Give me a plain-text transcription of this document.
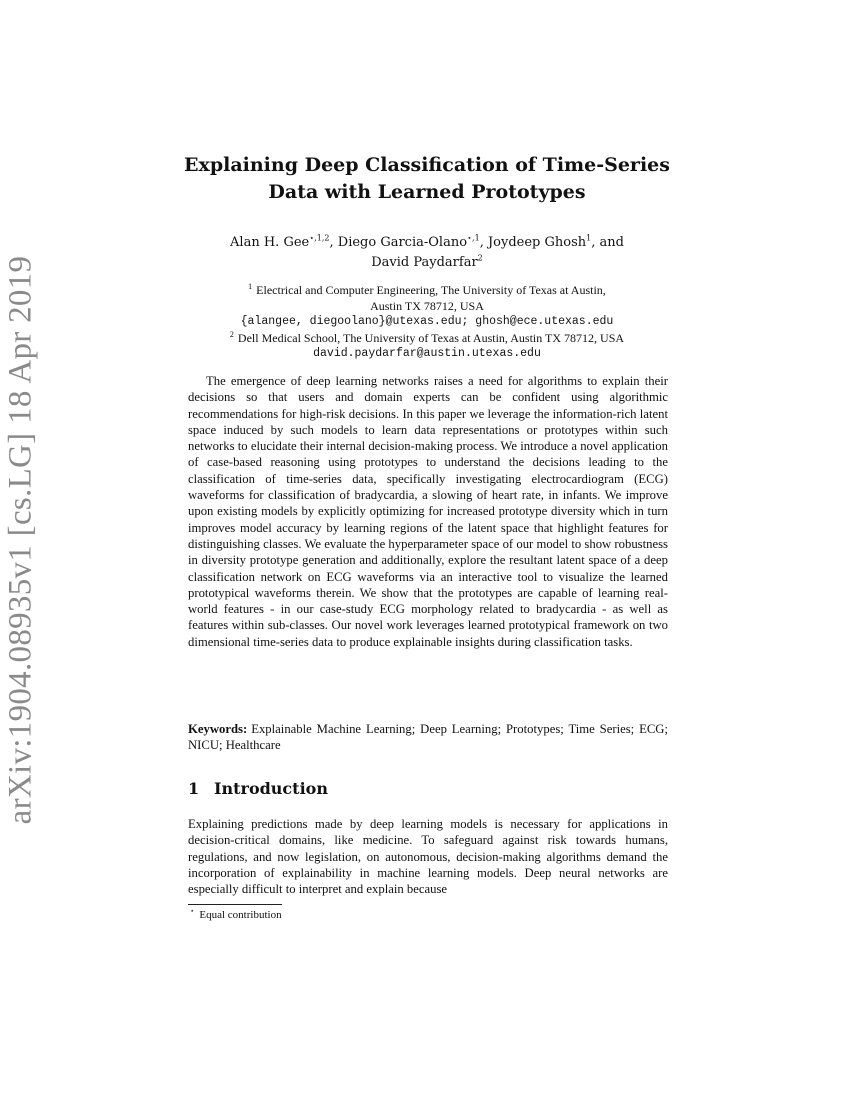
arXiv:1904.08935v1 [cs.LG] 18 Apr 2019
Explaining Deep Classification of Time-Series
Data with Learned Prototypes
Alan H. Gee$^{⋆,1,2}$, Diego Garcia-Olano$^{⋆,1}$, Joydeep Ghosh$^1$, and
David Paydarfar$^2$
$^1$ Electrical and Computer Engineering, The University of Texas at Austin,
Austin TX 78712, USA
{alangee, diegoolano}@utexas.edu; ghosh@ece.utexas.edu
$^2$ Dell Medical School, The University of Texas at Austin, Austin TX 78712, USA
david.paydarfar@austin.utexas.edu

The emergence of deep learning networks raises a need for algorithms to explain their decisions so that users and domain experts can be confident using algorithmic recommendations for high-risk decisions. In this paper we leverage the information-rich latent space induced by such models to learn data representations or prototypes within such networks to elucidate their internal decision-making process. We introduce a novel application of case-based reasoning using prototypes to understand the decisions leading to the classification of time-series data, specifically investigating electrocardiogram (ECG) waveforms for classification of bradycardia, a slowing of heart rate, in infants. We improve upon existing models by explicitly optimizing for increased prototype diversity which in turn improves model accuracy by learning regions of the latent space that highlight features for distinguishing classes. We evaluate the hyperparameter space of our model to show robustness in diversity prototype generation and additionally, explore the resultant latent space of a deep classification network on ECG waveforms via an interactive tool to visualize the learned prototypical waveforms therein. We show that the prototypes are capable of learning real-world features - in our case-study ECG morphology related to bradycardia - as well as features within sub-classes. Our novel work leverages learned prototypical framework on two dimensional time-series data to produce explainable insights during classification tasks.

Keywords: Explainable Machine Learning; Deep Learning; Prototypes; Time Series; ECG; NICU; Healthcare

1 Introduction

Explaining predictions made by deep learning models is necessary for applications in decision-critical domains, like medicine. To safeguard against risk towards humans, regulations, and now legislation, on autonomous, decision-making algorithms demand the incorporation of explainability in machine learning models. Deep neural networks are especially difficult to interpret and explain because

⋆ Equal contribution
